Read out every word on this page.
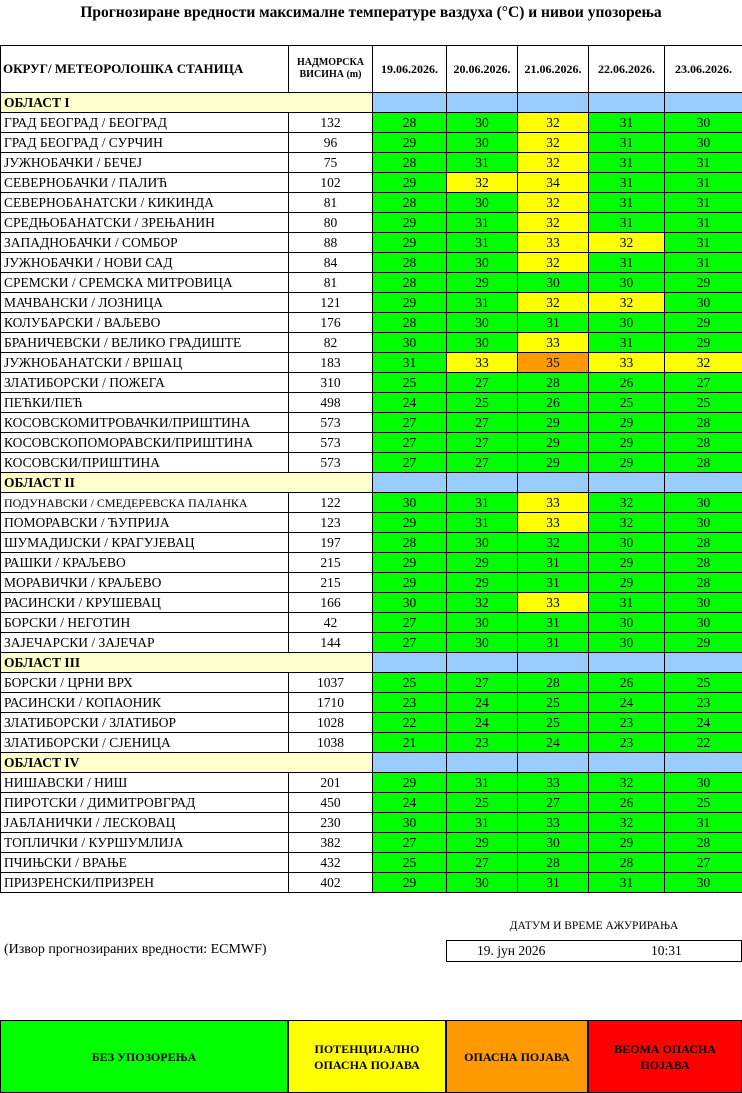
Прогнозиране вредности максималне температуре ваздуха (°C) и нивои упозорења
ОКРУГ/ МЕТЕОРОЛОШКА СТАНИЦА	НАДМОРСКА ВИСИНА (m)	19.06.2026.	20.06.2026.	21.06.2026.	22.06.2026.	23.06.2026.
ОБЛАСТ I						
ГРАД БЕОГРАД / БЕОГРАД	132	28	30	32	31	30
ГРАД БЕОГРАД / СУРЧИН	96	29	30	32	31	30
ЈУЖНОБАЧКИ / БЕЧЕЈ	75	28	31	32	31	31
СЕВЕРНОБАЧКИ / ПАЛИЋ	102	29	32	34	31	31
СЕВЕРНОБАНАТСКИ / КИКИНДА	81	28	30	32	31	31
СРЕДЊОБАНАТСКИ / ЗРЕЊАНИН	80	29	31	32	31	31
ЗАПАДНОБАЧКИ / СОМБОР	88	29	31	33	32	31
ЈУЖНОБАЧКИ / НОВИ САД	84	28	30	32	31	31
СРЕМСКИ / СРЕМСКА МИТРОВИЦА	81	28	29	30	30	29
МАЧВАНСКИ / ЛОЗНИЦА	121	29	31	32	32	30
КОЛУБАРСКИ / ВАЉЕВО	176	28	30	31	30	29
БРАНИЧЕВСКИ / ВЕЛИКО ГРАДИШТЕ	82	30	30	33	31	29
ЈУЖНОБАНАТСКИ / ВРШАЦ	183	31	33	35	33	32
ЗЛАТИБОРСКИ / ПОЖЕГА	310	25	27	28	26	27
ПЕЋКИ/ПЕЋ	498	24	25	26	25	25
КОСОВСКОМИТРОВАЧКИ/ПРИШТИНА	573	27	27	29	29	28
КОСОВСКОПОМОРАВСКИ/ПРИШТИНА	573	27	27	29	29	28
КОСОВСКИ/ПРИШТИНА	573	27	27	29	29	28
ОБЛАСТ II						
ПОДУНАВСКИ / СМЕДЕРЕВСКА ПАЛАНКА	122	30	31	33	32	30
ПОМОРАВСКИ / ЋУПРИЈА	123	29	31	33	32	30
ШУМАДИЈСКИ / КРАГУЈЕВАЦ	197	28	30	32	30	28
РАШКИ / КРАЉЕВО	215	29	29	31	29	28
МОРАВИЧКИ / КРАЉЕВО	215	29	29	31	29	28
РАСИНСКИ / КРУШЕВАЦ	166	30	32	33	31	30
БОРСКИ / НЕГОТИН	42	27	30	31	30	30
ЗАЈЕЧАРСКИ / ЗАЈЕЧАР	144	27	30	31	30	29
ОБЛАСТ III						
БОРСКИ / ЦРНИ ВРХ	1037	25	27	28	26	25
РАСИНСКИ / КОПАОНИК	1710	23	24	25	24	23
ЗЛАТИБОРСКИ / ЗЛАТИБОР	1028	22	24	25	23	24
ЗЛАТИБОРСКИ / СЈЕНИЦА	1038	21	23	24	23	22
ОБЛАСТ IV						
НИШАВСКИ / НИШ	201	29	31	33	32	30
ПИРОТСКИ / ДИМИТРОВГРАД	450	24	25	27	26	25
ЈАБЛАНИЧКИ / ЛЕСКОВАЦ	230	30	31	33	32	31
ТОПЛИЧКИ / КУРШУМЛИЈА	382	27	29	30	29	28
ПЧИЊСКИ / ВРАЊЕ	432	25	27	28	28	27
ПРИЗРЕНСКИ/ПРИЗРЕН	402	29	30	31	31	30
ДАТУМ И ВРЕМЕ АЖУРИРАЊА
19. јун 2026	10:31
(Извор прогнозираних вредности: ECMWF)
БЕЗ УПОЗОРЕЊА
ПОТЕНЦИЈАЛНО ОПАСНА ПОЈАВА
ОПАСНА ПОЈАВА
ВЕОМА ОПАСНА ПОЈАВА
